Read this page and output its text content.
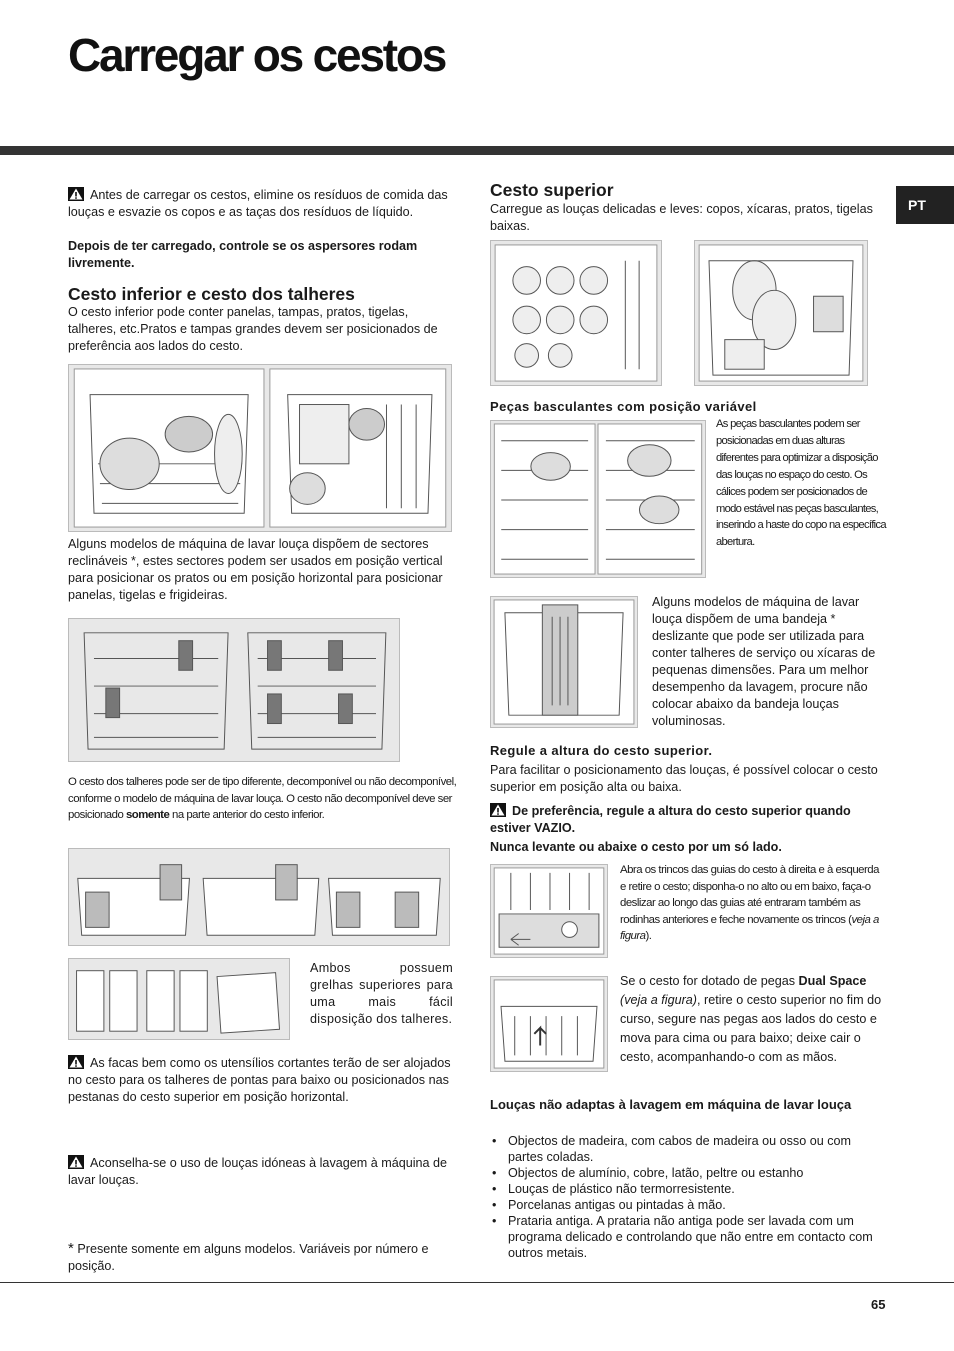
Carregar os cestos
PT

Antes de carregar os cestos, elimine os resíduos de comida das louças e esvazie os copos e as taças dos resíduos de líquido.

Depois de ter carregado, controle se os aspersores rodam livremente.

Cesto inferior e cesto dos talheres

O cesto inferior pode conter panelas, tampas, pratos, tigelas, talheres, etc.Pratos e tampas grandes devem ser posicionados de preferência aos lados do cesto.

Alguns modelos de máquina de lavar louça dispõem de sectores reclináveis *, estes sectores podem ser usados em posição vertical para posicionar os pratos ou em posição horizontal para posicionar panelas, tigelas e frigideiras.

O cesto dos talheres pode ser de tipo diferente, decomponível ou não decomponível, conforme o modelo de máquina de lavar louça. O cesto não decomponível deve ser posicionado somente na parte anterior do cesto inferior.

Ambos possuem grelhas superiores para uma mais fácil disposição dos talheres.

As facas bem como os utensílios cortantes terão de ser alojados no cesto para os talheres de pontas para baixo ou posicionados nas pestanas do cesto superior em posição horizontal.

Aconselha-se o uso de louças idóneas à lavagem à máquina de lavar louças.

* Presente somente em alguns modelos. Variáveis por número e posição.

Cesto superior

Carregue as louças delicadas e leves: copos, xícaras, pratos, tigelas baixas.

Peças basculantes com posição variável

As peças basculantes podem ser posicionadas em duas alturas diferentes para optimizar a disposição das louças no espaço do cesto. Os cálices podem ser posicionados de modo estável nas peças basculantes, inserindo a haste do copo na específica abertura.

Alguns modelos de máquina de lavar louça dispõem de uma bandeja * deslizante que pode ser utilizada para conter talheres de serviço ou xícaras de pequenas dimensões. Para um melhor desempenho da lavagem, procure não colocar abaixo da bandeja louças voluminosas.

Regule a altura do cesto superior.

Para facilitar o posicionamento das louças, é possível colocar o cesto superior em posição alta ou baixa.

De preferência, regule a altura do cesto superior quando estiver VAZIO.

Nunca levante ou abaixe o cesto por um só lado.

Abra os trincos das guias do cesto à direita e à esquerda e retire o cesto; disponha-o no alto ou em baixo, faça-o deslizar ao longo das guias até entraram também as rodinhas anteriores e feche novamente os trincos (veja a figura).

Se o cesto for dotado de pegas Dual Space (veja a figura), retire o cesto superior no fim do curso, segure nas pegas aos lados do cesto e mova para cima ou para baixo; deixe cair o cesto, acompanhando-o com as mãos.

Louças não adaptas à lavagem em máquina de lavar louça
• Objectos de madeira, com cabos de madeira ou osso ou com partes coladas.
• Objectos de alumínio, cobre, latão, peltre ou estanho
• Louças de plástico não termorresistente.
• Porcelanas antigas ou pintadas à mão.
• Prataria antiga. A prataria não antiga pode ser lavada com um programa delicado e controlando que não entre em contacto com outros metais.
65
